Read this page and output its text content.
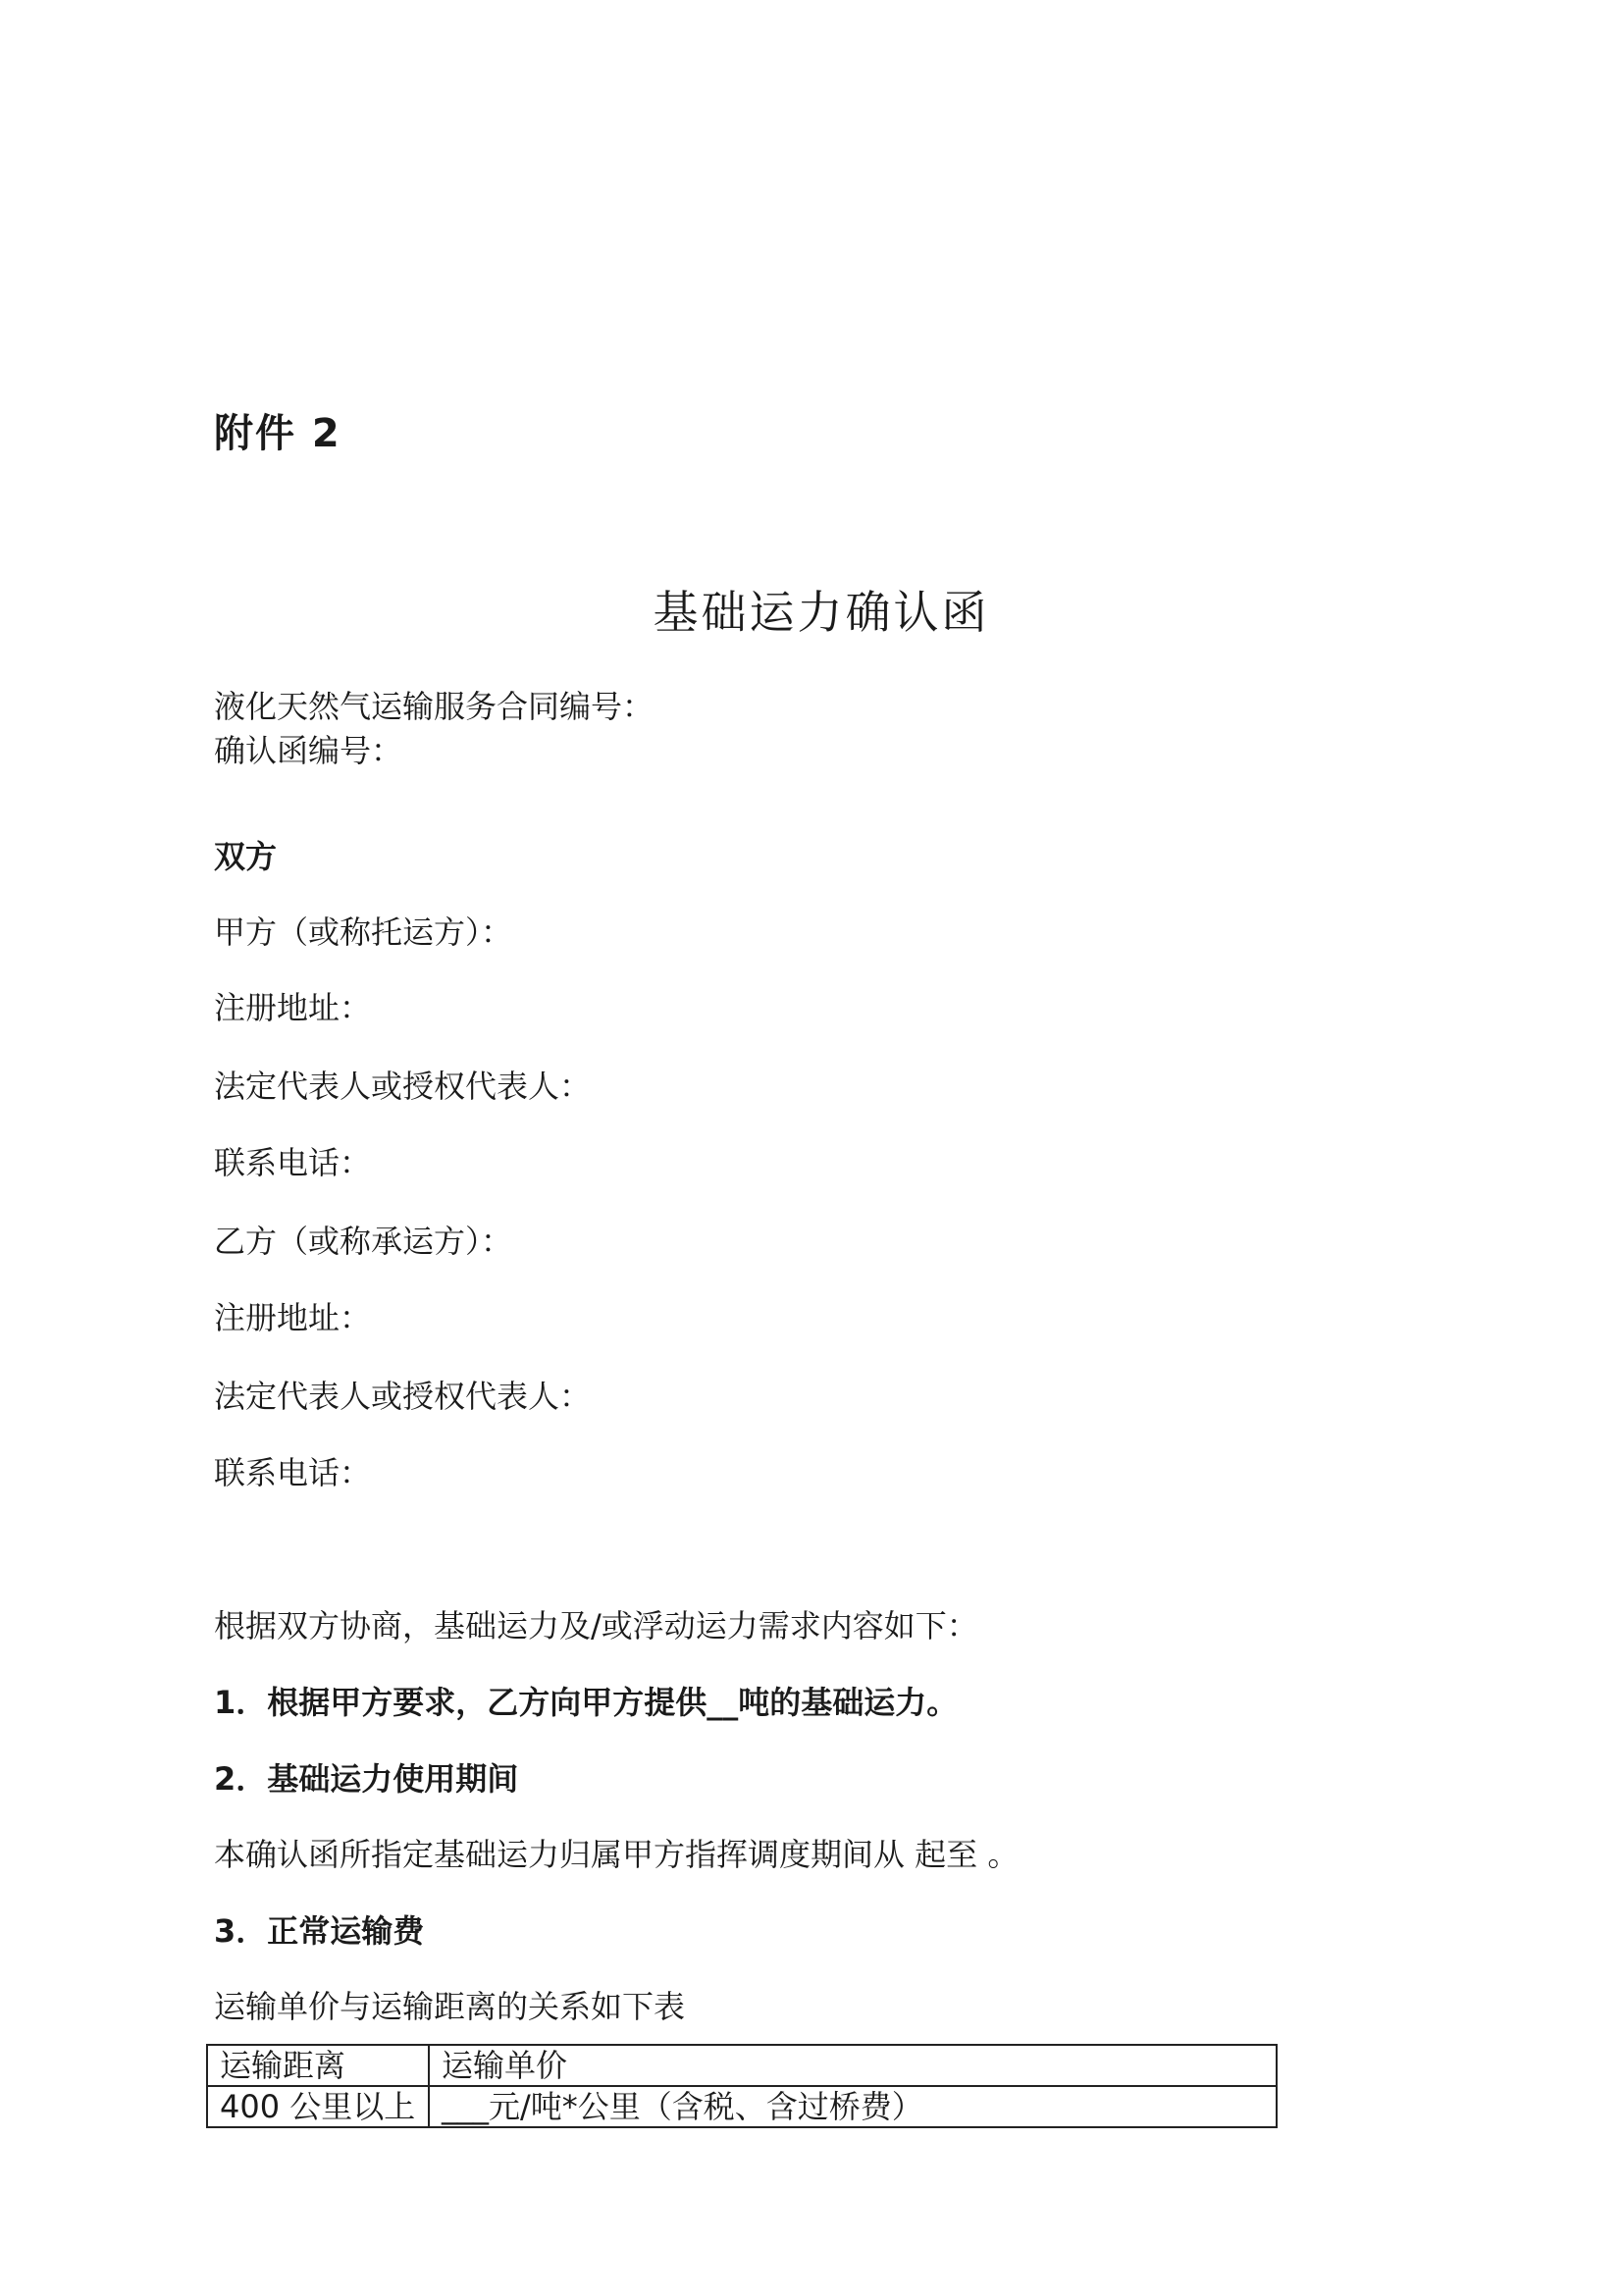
附件 2
基础运力确认函
液化天然气运输服务合同编号：
确认函编号：
双方
甲方（或称托运方）：
注册地址：
法定代表人或授权代表人：
联系电话：
乙方（或称承运方）：
注册地址：
法定代表人或授权代表人：
联系电话：
根据双方协商，基础运力及/或浮动运力需求内容如下：
1．根据甲方要求，乙方向甲方提供__吨的基础运力。
2．基础运力使用期间
本确认函所指定基础运力归属甲方指挥调度期间从 起至 。
3．正常运输费
运输单价与运输距离的关系如下表
运输距离	运输单价
400 公里以上	___元/吨*公里（含税、含过桥费）
